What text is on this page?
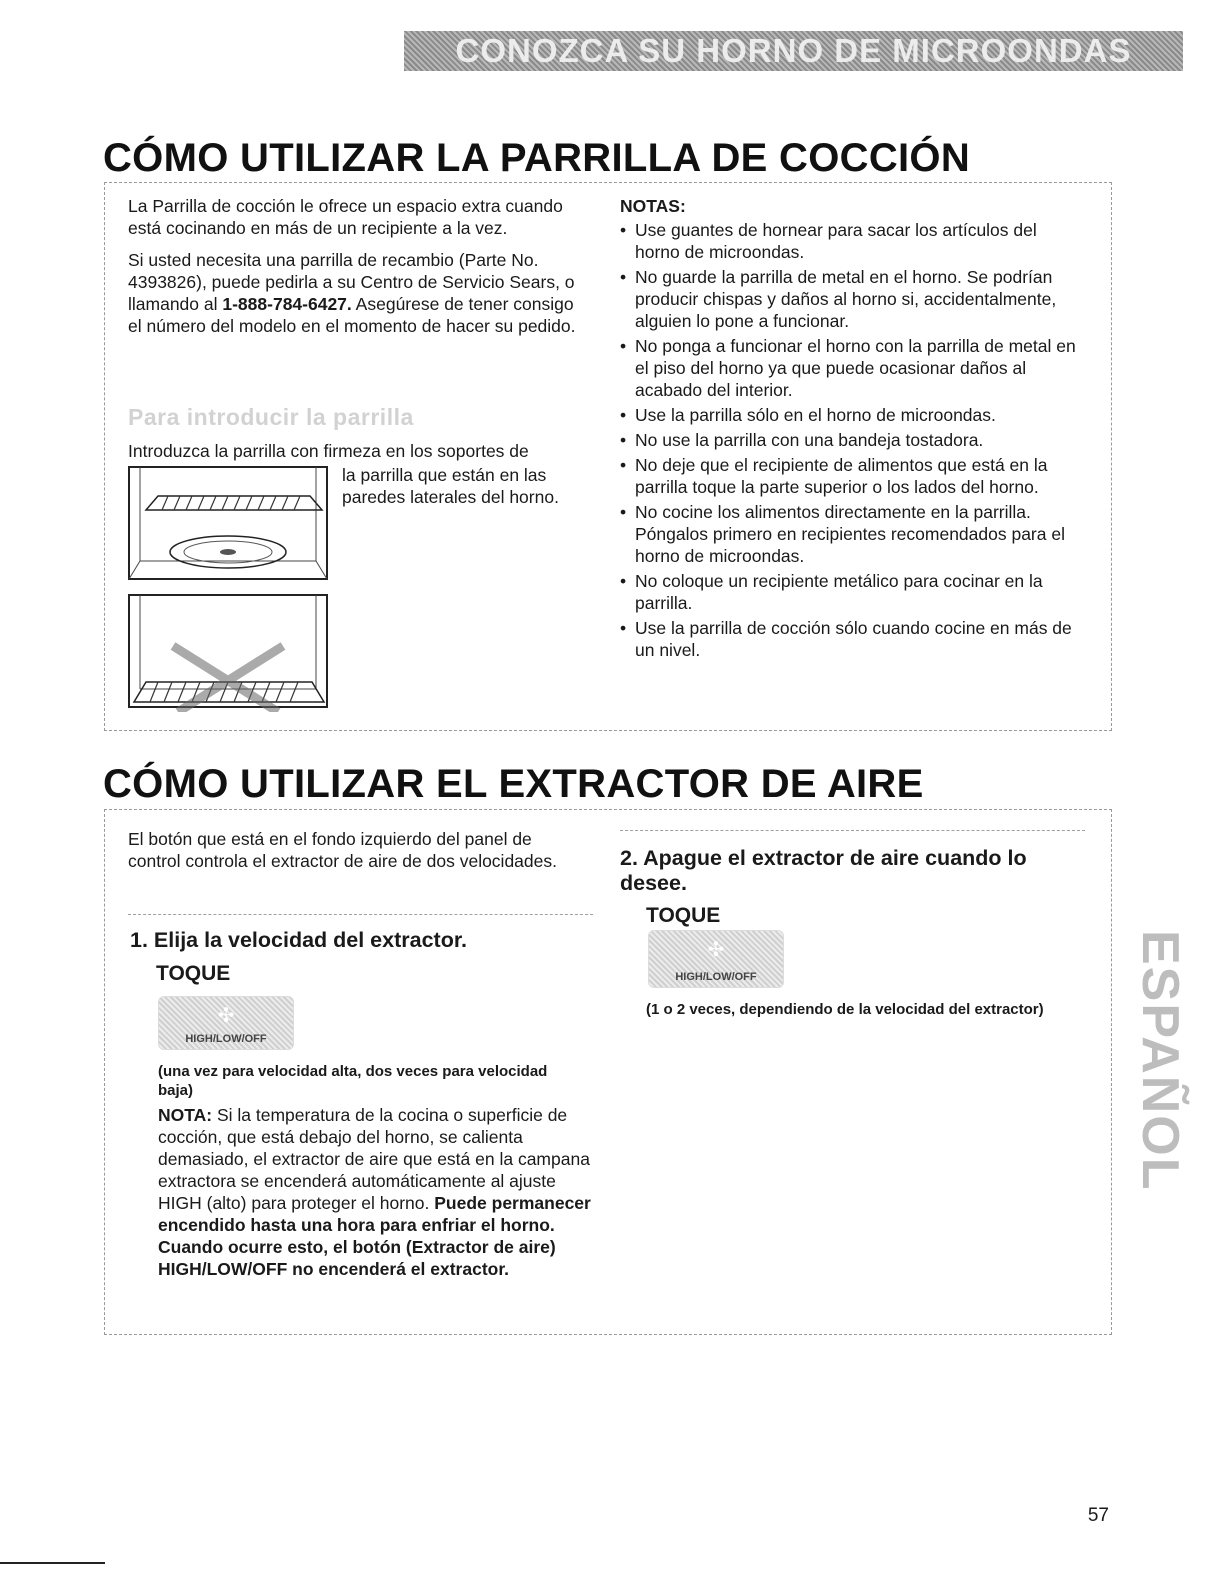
CONOZCA SU HORNO DE MICROONDAS
CÓMO UTILIZAR LA PARRILLA DE COCCIÓN

La Parrilla de cocción le ofrece un espacio extra cuando está cocinando en más de un recipiente a la vez.

Si usted necesita una parrilla de recambio (Parte No. 4393826), puede pedirla a su Centro de Servicio Sears, o llamando al 1-888-784-6427. Asegúrese de tener consigo el número del modelo en el momento de hacer su pedido.

Para introducir la parrilla

Introduzca la parrilla con firmeza en los soportes de

la parrilla que están en las paredes laterales del horno.

NOTAS:

• Use guantes de hornear para sacar los artículos del horno de microondas.
• No guarde la parrilla de metal en el horno. Se podrían producir chispas y daños al horno si, accidentalmente, alguien lo pone a funcionar.
• No ponga a funcionar el horno con la parrilla de metal en el piso del horno ya que puede ocasionar daños al acabado del interior.
• Use la parrilla sólo en el horno de microondas.
• No use la parrilla con una bandeja tostadora.
• No deje que el recipiente de alimentos que está en la parrilla toque la parte superior o los lados del horno.
• No cocine los alimentos directamente en la parrilla. Póngalos primero en recipientes recomendados para el horno de microondas.
• No coloque un recipiente metálico para cocinar en la parrilla.
• Use la parrilla de cocción sólo cuando cocine en más de un nivel.
CÓMO UTILIZAR EL EXTRACTOR DE AIRE

El botón que está en el fondo izquierdo del panel de control controla el extractor de aire de dos velocidades.

1. Elija la velocidad del extractor.

TOQUE

✣
HIGH/LOW/OFF

(una vez para velocidad alta, dos veces para velocidad baja)

NOTA: Si la temperatura de la cocina o superficie de cocción, que está debajo del horno, se calienta demasiado, el extractor de aire que está en la campana extractora se encenderá automáticamente al ajuste HIGH (alto) para proteger el horno. Puede permanecer encendido hasta una hora para enfriar el horno. Cuando ocurre esto, el botón (Extractor de aire) HIGH/LOW/OFF no encenderá el extractor.

2. Apague el extractor de aire cuando lo desee.

TOQUE

✣
HIGH/LOW/OFF

(1 o 2 veces, dependiendo de la velocidad del extractor)	ESPAÑOL
57
